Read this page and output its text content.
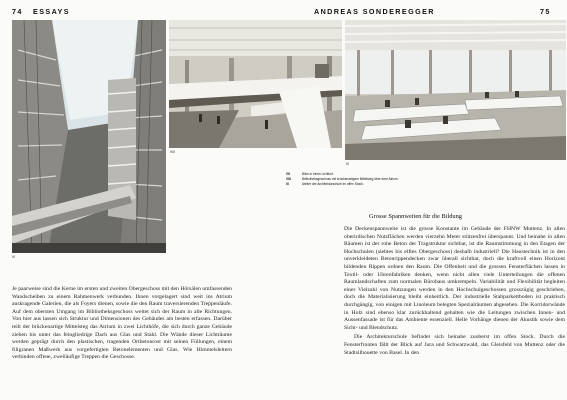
74 ESSAYS	ANDREAS SONDEREGGER	75
VI
VIII
IX
VII	Blick in einen Lichthof.
VIII	Bibliotheksgeschoss mit brückenartigem Mittelsteg über dem Atrium.
IX	Atelier der Architekturschule im offen Stock.

Je paarweise sind die Kerne im ersten und zweiten Obergeschoss mit den Hörsälen umfassenden Wandscheiben zu einem Rahmenwerk verbunden. Ihnen vorgelagert sind weit ins Atrium auskragende Galerien, die als Foyers dienen, sowie die den Raum traversierenden Treppenläufe. Auf dem obersten Umgang im Bibliotheksgeschoss weitet sich der Raum in alle Richtungen. Von hier aus lassen sich Struktur und Dimensionen des Gebäudes am besten erfassen. Darüber teilt der brückenartige Mittelsteg das Atrium in zwei Lichthöfe, die sich durch ganze Gebäude ziehen bis unter das feingliedrige Dach aus Glas und Stahl. Die Wände dieser Lichträume werden geprägt durch den plastischen, tragenden Ortbetonrost mit seinen Füllungen, einem filigranen Maßwerk aus vorgefertigten Betonelementen und Glas. Wie Himmelsleitern verbinden offene, zweiläufige Treppen die Geschosse.

Grosse Spannweiten für die Bildung

Die Deckenspannweite ist die grosse Konstante im Gebäude der FHNW Muttenz. In allen oberirdischen Nutzflächen werden vierzehn Meter stützenfrei überspannt. Und beinahe in allen Räumen ist der rohe Beton der Tragstruktur sichtbar, ist die Raumstimmung in den Etagen der Hochschulen (siebtes bis elftes Obergeschoss) deshalb industriell? Die Haustechnik ist in den unverkleideten Betonrippendecken zwar überall sichtbar, doch die kraftvoll einen Horizont bildenden Rippen ordnen den Raum. Die Offenheit und die grossen Fensterflächen lassen in Textil- oder Uhrenfabriken denken, wenn nicht allen viele Unterteilungen die offenen Raumlandschaften zum normalen Bürobaus umkrempeln. Variabilität und Flexibilität begleiten einer Vielzahl von Nutzungen werden in den Hochschulgeschossen grosszügig geschrieben, doch die Materialisierung bleibt einheitlich. Der industrielle Stabparkettboden ist praktisch durchgängig, von einigen mit Linoleum belegten Spezialräumen abgesehen. Die Korridorwände in Holz sind ebenso klar zurückhaltend gehalten wie die Leitungen zwischen Innen- und Aussenfassade ist für das Ambiente essenziell. Helle Vorhänge dienen der Akustik sowie dem Sicht- und Blendschutz.

Die Architekturschule befindet sich beinahe zuoberst im offen Stock. Durch die Fensterfronten fällt der Blick auf Jura und Schwarzwald, das Gleisfeld von Muttenz oder die Stadtsilhouette von Basel. In den
